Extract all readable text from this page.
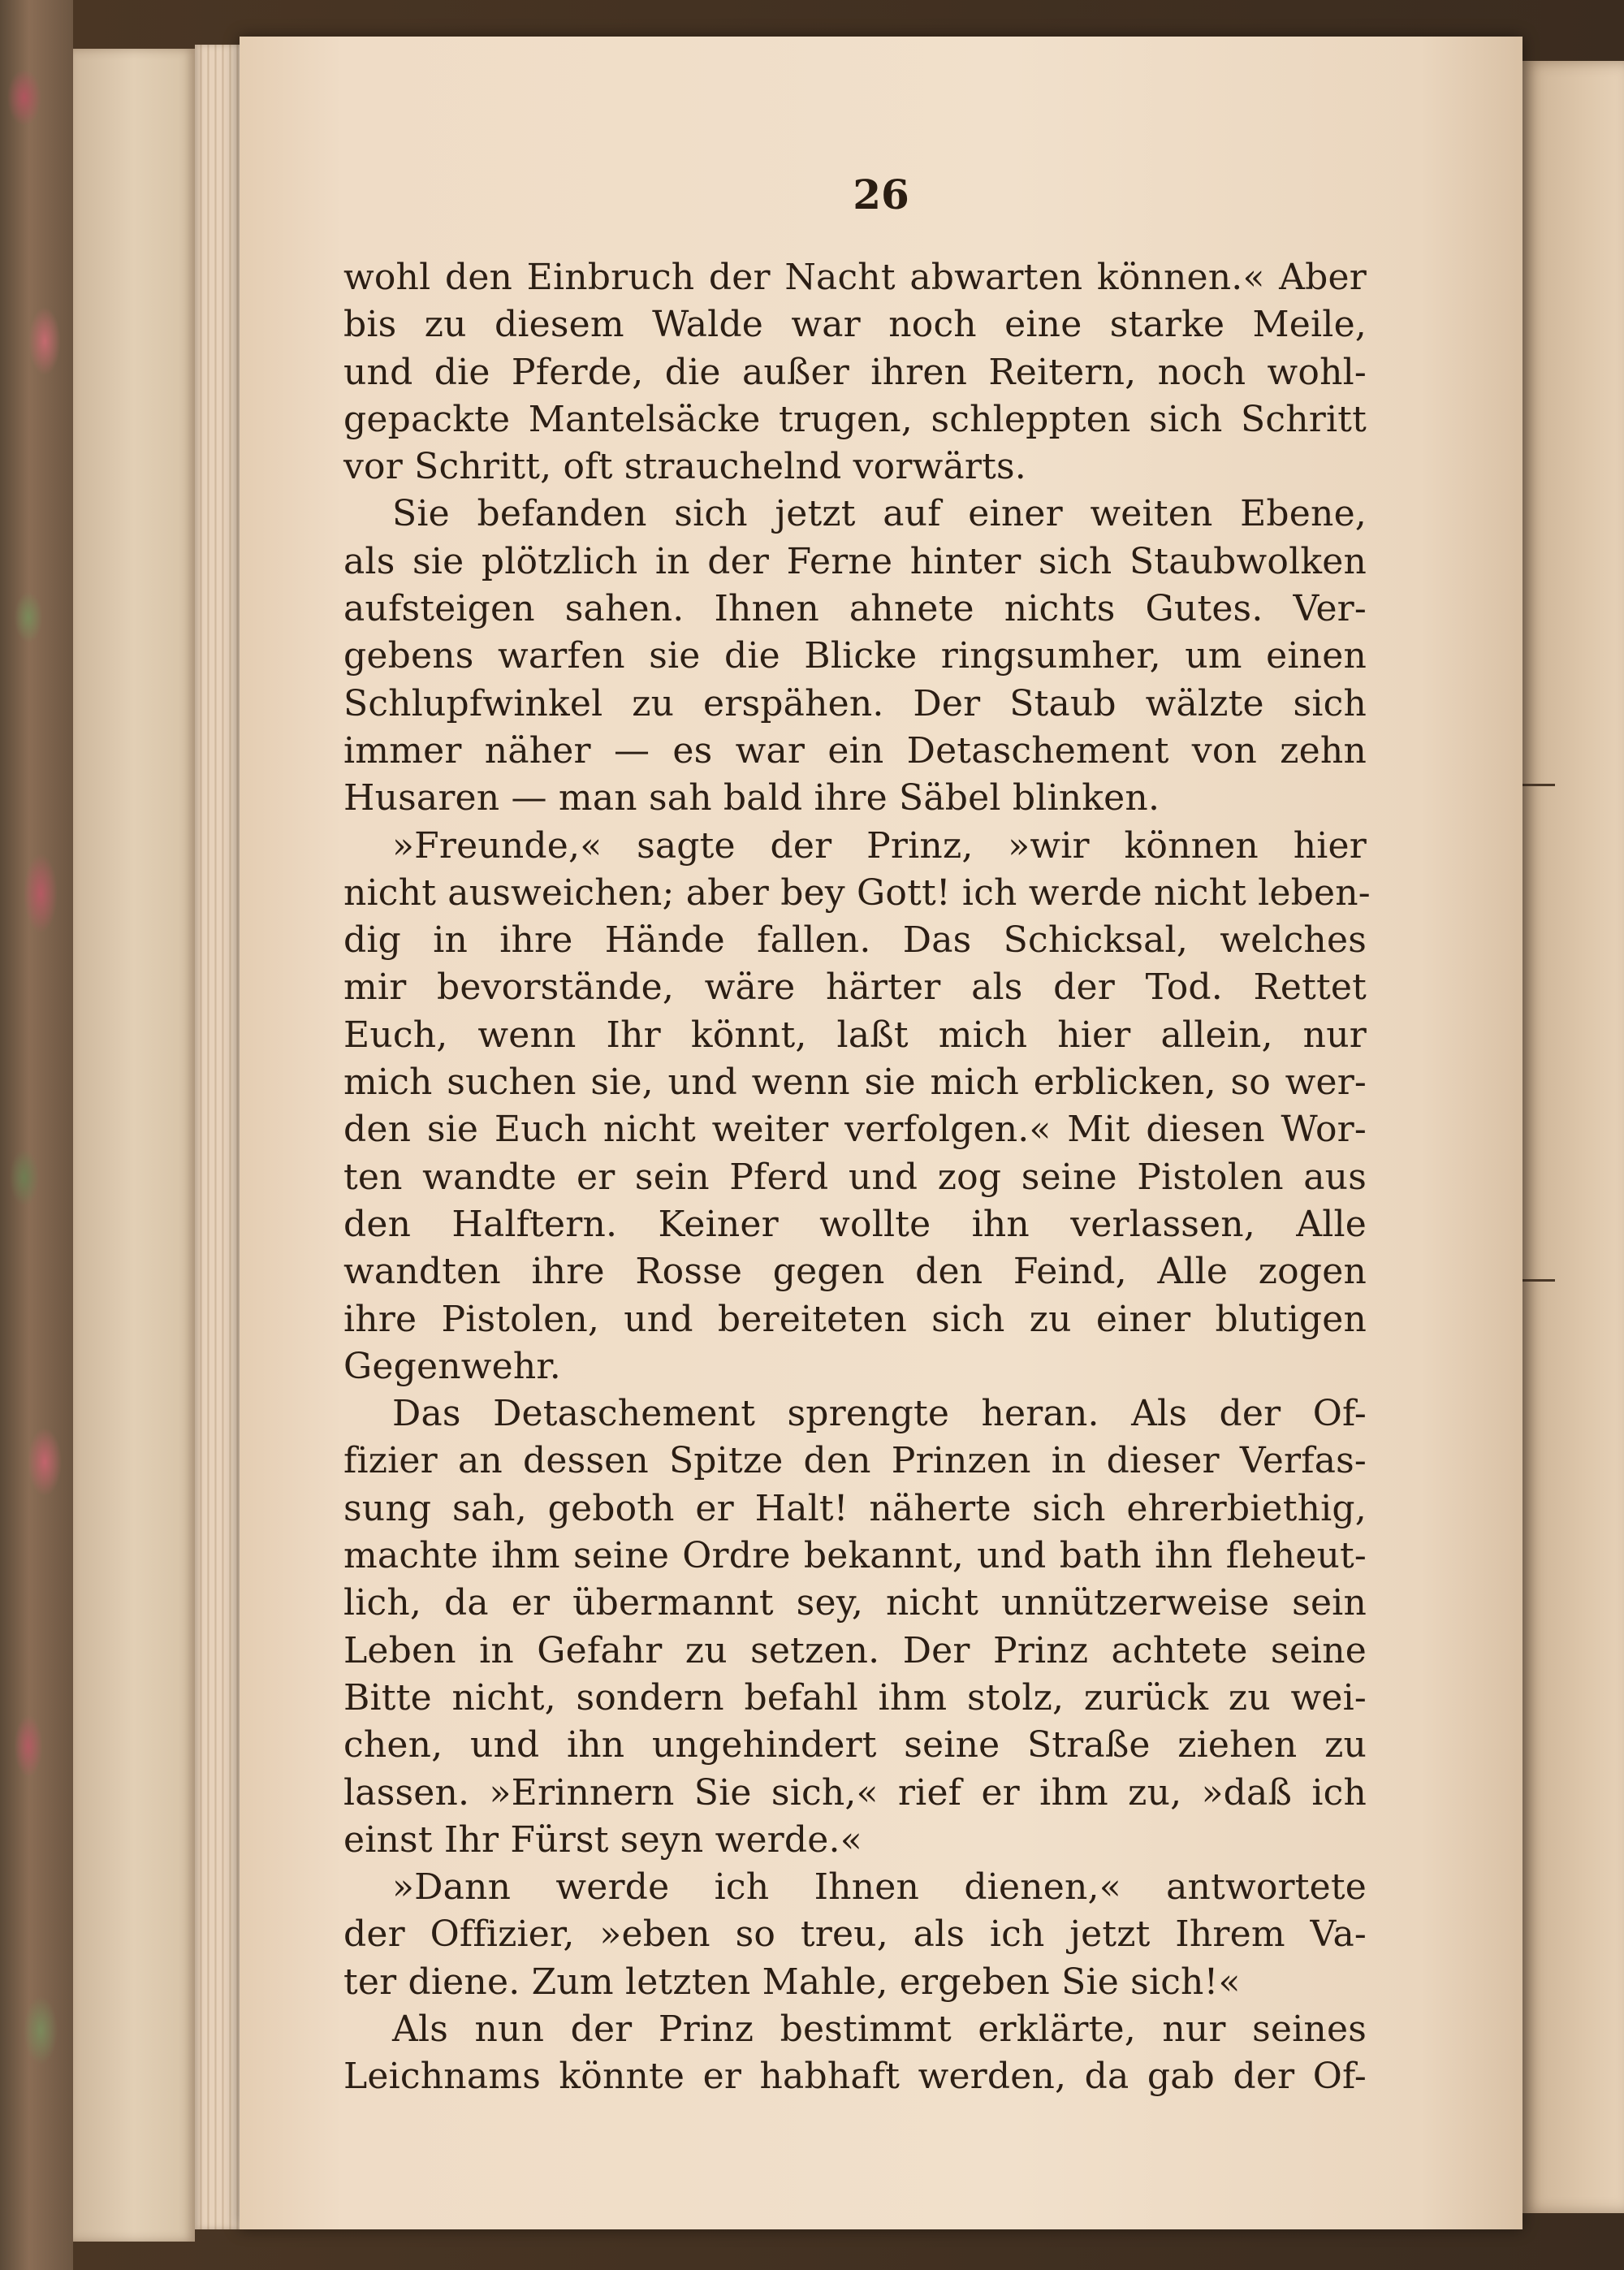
26
wohl den Einbruch der Nacht abwarten können.« Aber
bis zu diesem Walde war noch eine starke Meile,
und die Pferde, die außer ihren Reitern, noch wohl-
gepackte Mantelsäcke trugen, schleppten sich Schritt
vor Schritt, oft strauchelnd vorwärts.
Sie befanden sich jetzt auf einer weiten Ebene,
als sie plötzlich in der Ferne hinter sich Staubwolken
aufsteigen sahen. Ihnen ahnete nichts Gutes. Ver-
gebens warfen sie die Blicke ringsumher, um einen
Schlupfwinkel zu erspähen. Der Staub wälzte sich
immer näher — es war ein Detaschement von zehn
Husaren — man sah bald ihre Säbel blinken.
»Freunde,« sagte der Prinz, »wir können hier
nicht ausweichen; aber bey Gott! ich werde nicht leben-
dig in ihre Hände fallen. Das Schicksal, welches
mir bevorstände, wäre härter als der Tod. Rettet
Euch, wenn Ihr könnt, laßt mich hier allein, nur
mich suchen sie, und wenn sie mich erblicken, so wer-
den sie Euch nicht weiter verfolgen.« Mit diesen Wor-
ten wandte er sein Pferd und zog seine Pistolen aus
den Halftern. Keiner wollte ihn verlassen, Alle
wandten ihre Rosse gegen den Feind, Alle zogen
ihre Pistolen, und bereiteten sich zu einer blutigen
Gegenwehr.
Das Detaschement sprengte heran. Als der Of-
fizier an dessen Spitze den Prinzen in dieser Verfas-
sung sah, geboth er Halt! näherte sich ehrerbiethig,
machte ihm seine Ordre bekannt, und bath ihn fleheut-
lich, da er übermannt sey, nicht unnützerweise sein
Leben in Gefahr zu setzen. Der Prinz achtete seine
Bitte nicht, sondern befahl ihm stolz, zurück zu wei-
chen, und ihn ungehindert seine Straße ziehen zu
lassen. »Erinnern Sie sich,« rief er ihm zu, »daß ich
einst Ihr Fürst seyn werde.«
»Dann werde ich Ihnen dienen,« antwortete
der Offizier, »eben so treu, als ich jetzt Ihrem Va-
ter diene. Zum letzten Mahle, ergeben Sie sich!«
Als nun der Prinz bestimmt erklärte, nur seines
Leichnams könnte er habhaft werden, da gab der Of-
